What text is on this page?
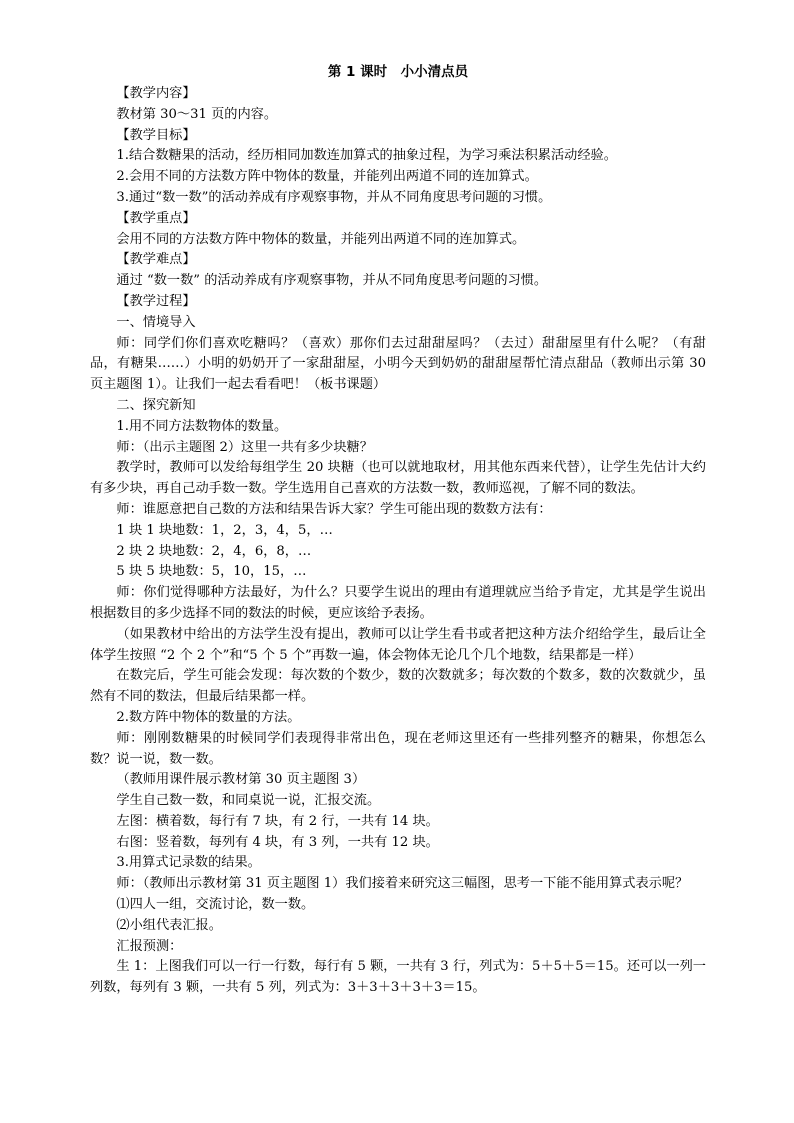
第 1 课时　小小清点员

【教学内容】

教材第 30～31 页的内容。

【教学目标】

1.结合数糖果的活动，经历相同加数连加算式的抽象过程，为学习乘法积累活动经验。

2.会用不同的方法数方阵中物体的数量，并能列出两道不同的连加算式。

3.通过“数一数”的活动养成有序观察事物，并从不同角度思考问题的习惯。

【教学重点】

会用不同的方法数方阵中物体的数量，并能列出两道不同的连加算式。

【教学难点】

通过 “数一数” 的活动养成有序观察事物，并从不同角度思考问题的习惯。

【教学过程】

一、情境导入

师：同学们你们喜欢吃糖吗？（喜欢）那你们去过甜甜屋吗？（去过）甜甜屋里有什么呢？（有甜品，有糖果……）小明的奶奶开了一家甜甜屋，小明今天到奶奶的甜甜屋帮忙清点甜品（教师出示第 30 页主题图 1）。让我们一起去看看吧！（板书课题）

二、探究新知

1.用不同方法数物体的数量。

师：（出示主题图 2）这里一共有多少块糖？

教学时，教师可以发给每组学生 20 块糖（也可以就地取材，用其他东西来代替），让学生先估计大约有多少块，再自己动手数一数。学生选用自己喜欢的方法数一数，教师巡视，了解不同的数法。

师：谁愿意把自己数的方法和结果告诉大家？学生可能出现的数数方法有：

1 块 1 块地数：1，2，3，4，5，…

2 块 2 块地数：2，4，6，8，…

5 块 5 块地数：5，10，15，…

师：你们觉得哪种方法最好，为什么？只要学生说出的理由有道理就应当给予肯定，尤其是学生说出根据数目的多少选择不同的数法的时候，更应该给予表扬。

（如果教材中给出的方法学生没有提出，教师可以让学生看书或者把这种方法介绍给学生，最后让全体学生按照 “2 个 2 个”和“5 个 5 个”再数一遍，体会物体无论几个几个地数，结果都是一样）

在数完后，学生可能会发现：每次数的个数少，数的次数就多；每次数的个数多，数的次数就少，虽然有不同的数法，但最后结果都一样。

2.数方阵中物体的数量的方法。

师：刚刚数糖果的时候同学们表现得非常出色，现在老师这里还有一些排列整齐的糖果，你想怎么数？说一说，数一数。

（教师用课件展示教材第 30 页主题图 3）

学生自己数一数，和同桌说一说，汇报交流。

左图：横着数，每行有 7 块，有 2 行，一共有 14 块。

右图：竖着数，每列有 4 块，有 3 列，一共有 12 块。

3.用算式记录数的结果。

师：（教师出示教材第 31 页主题图 1）我们接着来研究这三幅图，思考一下能不能用算式表示呢？

⑴四人一组，交流讨论，数一数。

⑵小组代表汇报。

汇报预测：

生 1：上图我们可以一行一行数，每行有 5 颗，一共有 3 行，列式为：5＋5＋5＝15。还可以一列一列数，每列有 3 颗，一共有 5 列，列式为：3＋3＋3＋3＋3＝15。
